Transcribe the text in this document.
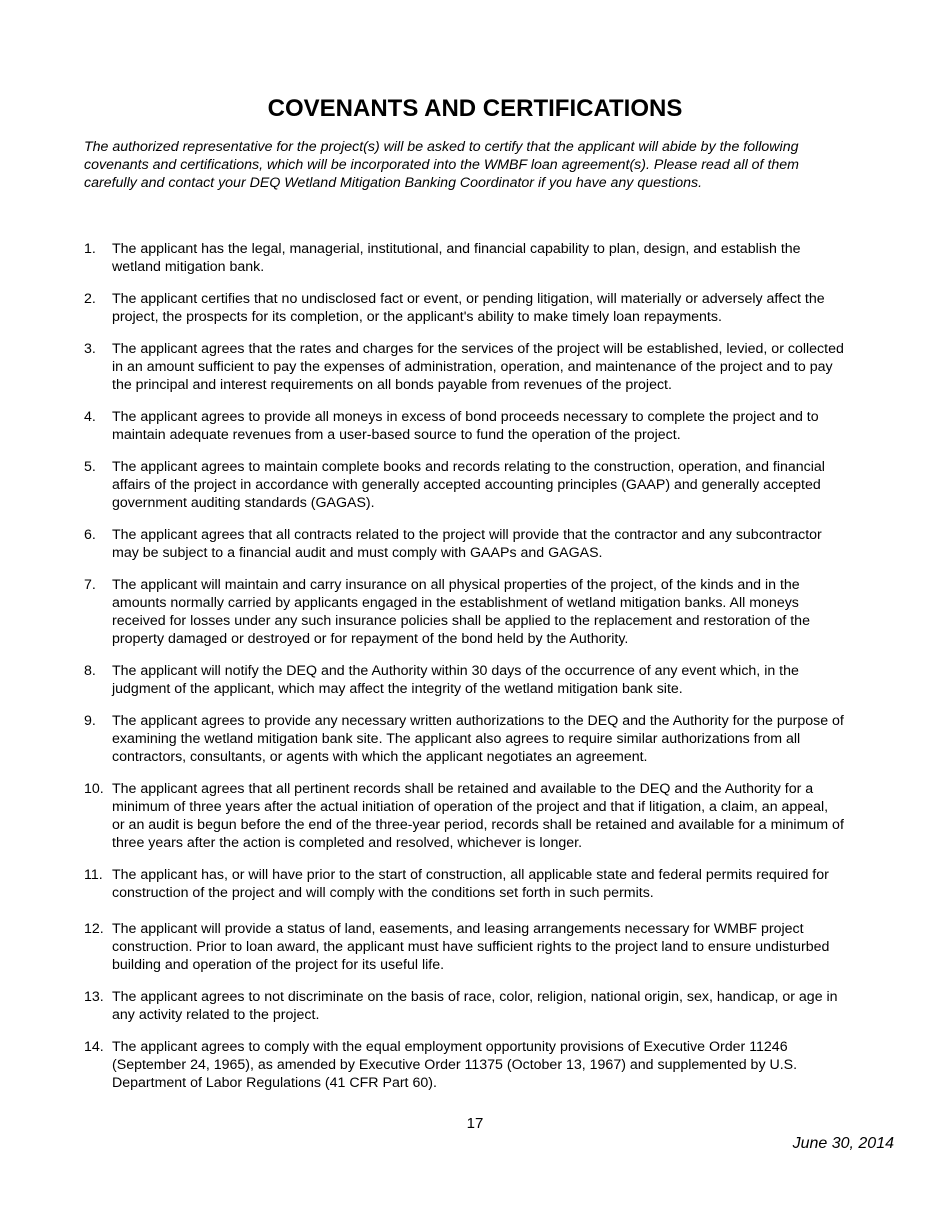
COVENANTS AND CERTIFICATIONS

The authorized representative for the project(s) will be asked to certify that the applicant will abide by the following covenants and certifications, which will be incorporated into the WMBF loan agreement(s). Please read all of them carefully and contact your DEQ Wetland Mitigation Banking Coordinator if you have any questions.

1. The applicant has the legal, managerial, institutional, and financial capability to plan, design, and establish the wetland mitigation bank.
2. The applicant certifies that no undisclosed fact or event, or pending litigation, will materially or adversely affect the project, the prospects for its completion, or the applicant's ability to make timely loan repayments.
3. The applicant agrees that the rates and charges for the services of the project will be established, levied, or collected in an amount sufficient to pay the expenses of administration, operation, and maintenance of the project and to pay the principal and interest requirements on all bonds payable from revenues of the project.
4. The applicant agrees to provide all moneys in excess of bond proceeds necessary to complete the project and to maintain adequate revenues from a user-based source to fund the operation of the project.
5. The applicant agrees to maintain complete books and records relating to the construction, operation, and financial affairs of the project in accordance with generally accepted accounting principles (GAAP) and generally accepted government auditing standards (GAGAS).
6. The applicant agrees that all contracts related to the project will provide that the contractor and any subcontractor may be subject to a financial audit and must comply with GAAPs and GAGAS.
7. The applicant will maintain and carry insurance on all physical properties of the project, of the kinds and in the amounts normally carried by applicants engaged in the establishment of wetland mitigation banks. All moneys received for losses under any such insurance policies shall be applied to the replacement and restoration of the property damaged or destroyed or for repayment of the bond held by the Authority.
8. The applicant will notify the DEQ and the Authority within 30 days of the occurrence of any event which, in the judgment of the applicant, which may affect the integrity of the wetland mitigation bank site.
9. The applicant agrees to provide any necessary written authorizations to the DEQ and the Authority for the purpose of examining the wetland mitigation bank site. The applicant also agrees to require similar authorizations from all contractors, consultants, or agents with which the applicant negotiates an agreement.
10. The applicant agrees that all pertinent records shall be retained and available to the DEQ and the Authority for a minimum of three years after the actual initiation of operation of the project and that if litigation, a claim, an appeal, or an audit is begun before the end of the three-year period, records shall be retained and available for a minimum of three years after the action is completed and resolved, whichever is longer.
11. The applicant has, or will have prior to the start of construction, all applicable state and federal permits required for construction of the project and will comply with the conditions set forth in such permits.
12. The applicant will provide a status of land, easements, and leasing arrangements necessary for WMBF project construction. Prior to loan award, the applicant must have sufficient rights to the project land to ensure undisturbed building and operation of the project for its useful life.
13. The applicant agrees to not discriminate on the basis of race, color, religion, national origin, sex, handicap, or age in any activity related to the project.
14. The applicant agrees to comply with the equal employment opportunity provisions of Executive Order 11246 (September 24, 1965), as amended by Executive Order 11375 (October 13, 1967) and supplemented by U.S. Department of Labor Regulations (41 CFR Part 60).
17
June 30, 2014
